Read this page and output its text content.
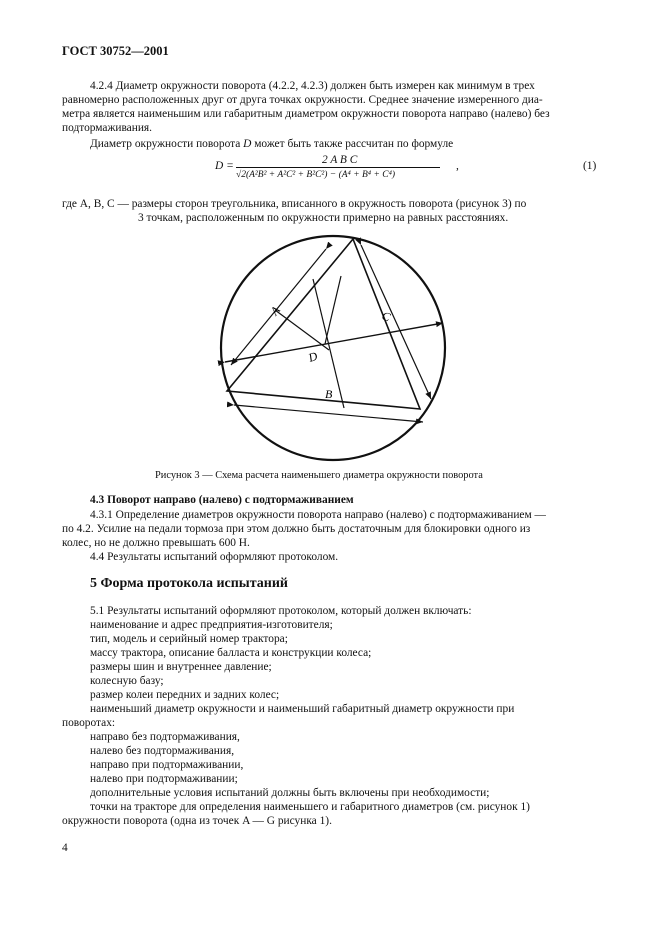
ГОСТ 30752—2001
4.2.4 Диаметр окружности поворота (4.2.2, 4.2.3) должен быть измерен как минимум в трех
равномерно расположенных друг от друга точках окружности. Среднее значение измеренного диа-
метра является наименьшим или габаритным диаметром окружности поворота направо (налево) без
подтормаживания.
Диаметр окружности поворота D может быть также рассчитан по формуле
D =	2 A B C
√2(A²B² + A²C² + B²C²) − (A⁴ + B⁴ + C⁴)
,	(1)
где A, B, C — размеры сторон треугольника, вписанного в окружность поворота (рисунок 3) по
3 точкам, расположенным по окружности примерно на равных расстояниях.
A
B
C
D
Рисунок 3 — Схема расчета наименьшего диаметра окружности поворота
4.3 Поворот направо (налево) с подтормаживанием
4.3.1 Определение диаметров окружности поворота направо (налево) с подтормаживанием —
по 4.2. Усилие на педали тормоза при этом должно быть достаточным для блокировки одного из
колес, но не должно превышать 600 Н.
4.4 Результаты испытаний оформляют протоколом.
5 Форма протокола испытаний
5.1 Результаты испытаний оформляют протоколом, который должен включать:
наименование и адрес предприятия-изготовителя;
тип, модель и серийный номер трактора;
массу трактора, описание балласта и конструкции колеса;
размеры шин и внутреннее давление;
колесную базу;
размер колеи передних и задних колес;
наименьший диаметр окружности и наименьший габаритный диаметр окружности при
поворотах:
направо без подтормаживания,
налево без подтормаживания,
направо при подтормаживании,
налево при подтормаживании;
дополнительные условия испытаний должны быть включены при необходимости;
точки на тракторе для определения наименьшего и габаритного диаметров (см. рисунок 1)
окружности поворота (одна из точек A — G рисунка 1).
4
